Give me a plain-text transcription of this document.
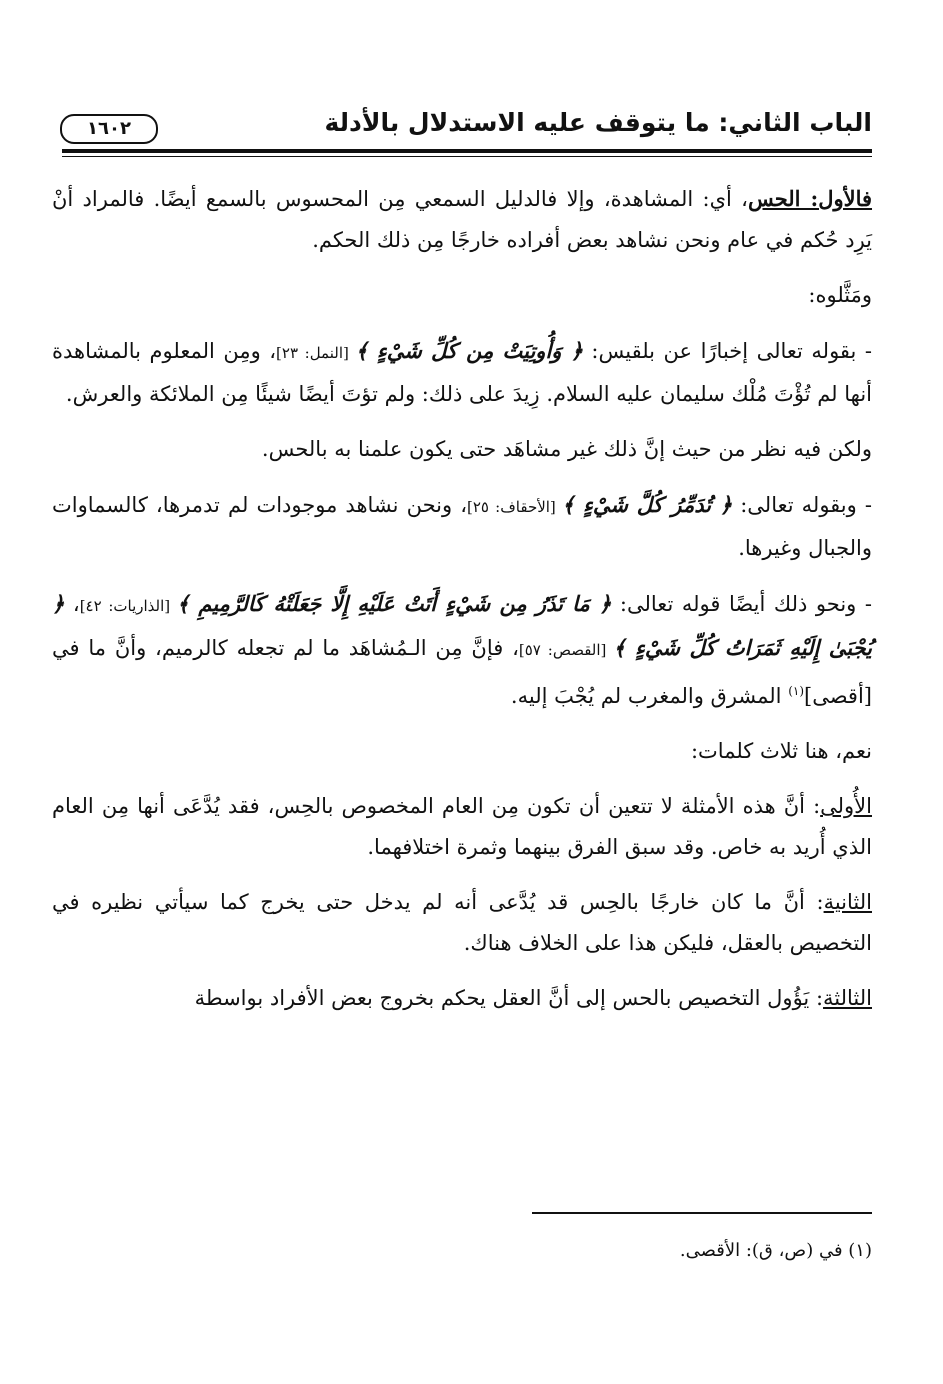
الباب الثاني: ما يتوقف عليه الاستدلال بالأدلة
١٦٠٢

فالأول: الحس، أي: المشاهدة، وإلا فالدليل السمعي مِن المحسوس بالسمع أيضًا. فالمراد أنْ يَرِد حُكم في عام ونحن نشاهد بعض أفراده خارجًا مِن ذلك الحكم.

ومَثَّلوه:

- بقوله تعالى إخبارًا عن بلقيس: ﴿ وَأُوتِيَتْ مِن كُلِّ شَيْءٍ ﴾ [النمل: ٢٣]، ومِن المعلوم بالمشاهدة أنها لم تُؤْتَ مُلْك سليمان عليه السلام. زِيدَ على ذلك: ولم تؤتَ أيضًا شيئًا مِن الملائكة والعرش.

ولكن فيه نظر من حيث إنَّ ذلك غير مشاهَد حتى يكون علمنا به بالحس.

- وبقوله تعالى: ﴿ تُدَمِّرُ كُلَّ شَيْءٍ ﴾ [الأحقاف: ٢٥]، ونحن نشاهد موجودات لم تدمرها، كالسماوات والجبال وغيرها.

- ونحو ذلك أيضًا قوله تعالى: ﴿ مَا تَذَرُ مِن شَيْءٍ أَتَتْ عَلَيْهِ إِلَّا جَعَلَتْهُ كَالرَّمِيمِ ﴾ [الذاريات: ٤٢]، ﴿ يُجْبَىٰ إِلَيْهِ ثَمَرَاتُ كُلِّ شَيْءٍ ﴾ [القصص: ٥٧]، فإنَّ مِن الـمُشاهَد ما لم تجعله كالرميم، وأنَّ ما في [أقصى]$^{(١)}$ المشرق والمغرب لم يُجْبَ إليه.

نعم، هنا ثلاث كلمات:

الأُولى: أنَّ هذه الأمثلة لا تتعين أن تكون مِن العام المخصوص بالحِس، فقد يُدَّعَى أنها مِن العام الذي أُريد به خاص. وقد سبق الفرق بينهما وثمرة اختلافهما.

الثانية: أنَّ ما كان خارجًا بالحِس قد يُدَّعى أنه لم يدخل حتى يخرج كما سيأتي نظيره في التخصيص بالعقل، فليكن هذا على الخلاف هناك.

الثالثة: يَؤُول التخصيص بالحس إلى أنَّ العقل يحكم بخروج بعض الأفراد بواسطة

(١) في (ص، ق): الأقصى.
